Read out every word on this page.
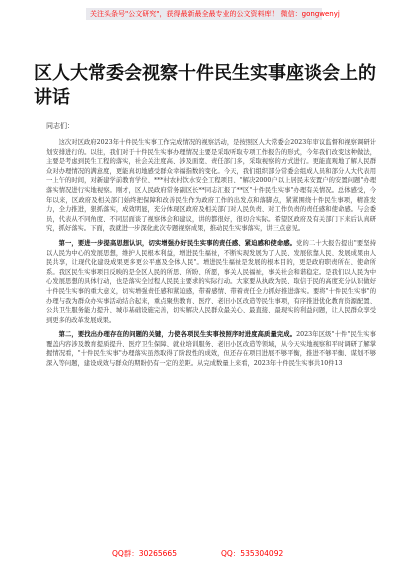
关注头条号"公文研究"，获得最新最全最专业的公文资料库！ 微信：gongwenyj
区人大常委会视察十件民生实事座谈会上的讲话
同志们：

这次对区政府2023年十件民生实事工作完成情况的视察活动，是按照区人大常委会2023年审议监督和视察调研计划安排进行的。以往，我们对于十件民生实事办理情况主要是采取听取专项工作报告的形式，今年我们改变这种做法，主要是考虑到民生工程的落实，社会关注度高、涉及面宽、责任部门多，采取视察的方式进行。更能直观地了解人民群众对办理情况的满意度，更能真切地感受群众幸福指数的变化。今天，我们组织部分常委会组成人员和部分人大代表用一上午的时间，对新建学前教育学位、***村农村饮水安全工程项目、"解决2000户以上居民未安置户的安置问题"办理落实情况进行实地视察。刚才，区人民政府常务副区长**同志汇报了**区"十件民生实事"办理有关情况。总体感受，今年以来，区政府及相关部门始终把保障和改善民生作为政府工作的出发点和落脚点，紧紧围绕十件民生事项，精准发力，全力推进，狠抓落实，成效明显，充分体现区政府及相关部门对人民负责、对工作负责的责任感和使命感。与会委员，代表从不同角度、不同层面谈了视察体会和建议，讲的都很好，很切合实际。希望区政府及有关部门下来后认真研究，抓好落实。下面，我就进一步深化此次专题视察成果，推动民生实事落实，讲三点意见。

第一，要进一步提高思想认识，切实增强办好民生实事的责任感、紧迫感和使命感。党的二十大报告提出"要坚持以人民为中心的发展思想，维护人民根本利益，增进民生福祉，不断实现发展为了人民、发展依靠人民、发展成果由人民共享，让现代化建设成果更多更公平惠及全体人民"。增进民生福祉是发展的根本目的，更是政府职责所在、使命所系。我区民生实事项目反映的是全区人民的所思、所盼、所愿，事关人民福祉，事关社会和谐稳定。是我们以人民为中心发展思想的具体行动，也是落实全过程人民民主要求的实际行动。大家要从执政为民、取信于民的高度充分认识做好十件民生实事的重大意义，切实增强责任感和紧迫感，带着感情、带着责任全力抓好推进落实。要将"十件民生实事"的办理与我为群众办实事活动结合起来，重点聚焦教育、医疗、老旧小区改造等民生事项，有序推进优化教育资源配置、公共卫生服务能力提升、城市基础设施完善，切实解决人民群众最关心、最直接、最现实的利益问题，让人民群众享受到更多的改革发展成果。

第二，要找出办理存在的问题的关键，力使各项民生实事按照序时进度高质量完成。2023年区级"十件"民生实事覆盖内容涉及教育提质提升、医疗卫生保障、就业培训服务、老旧小区改造等领域，从今天实地视察和平时调研了解掌握情况看，"十件民生实事"办理落实虽然取得了阶段性的成效，但还存在项目进展不够平衡，推进不够平衡、谋划不够深入等问题，建设成效与群众的期盼仍有一定的差距。从完成数量上来看，2023年十件民生实事共10件13

QQ群：30265665	QQ：535304092
